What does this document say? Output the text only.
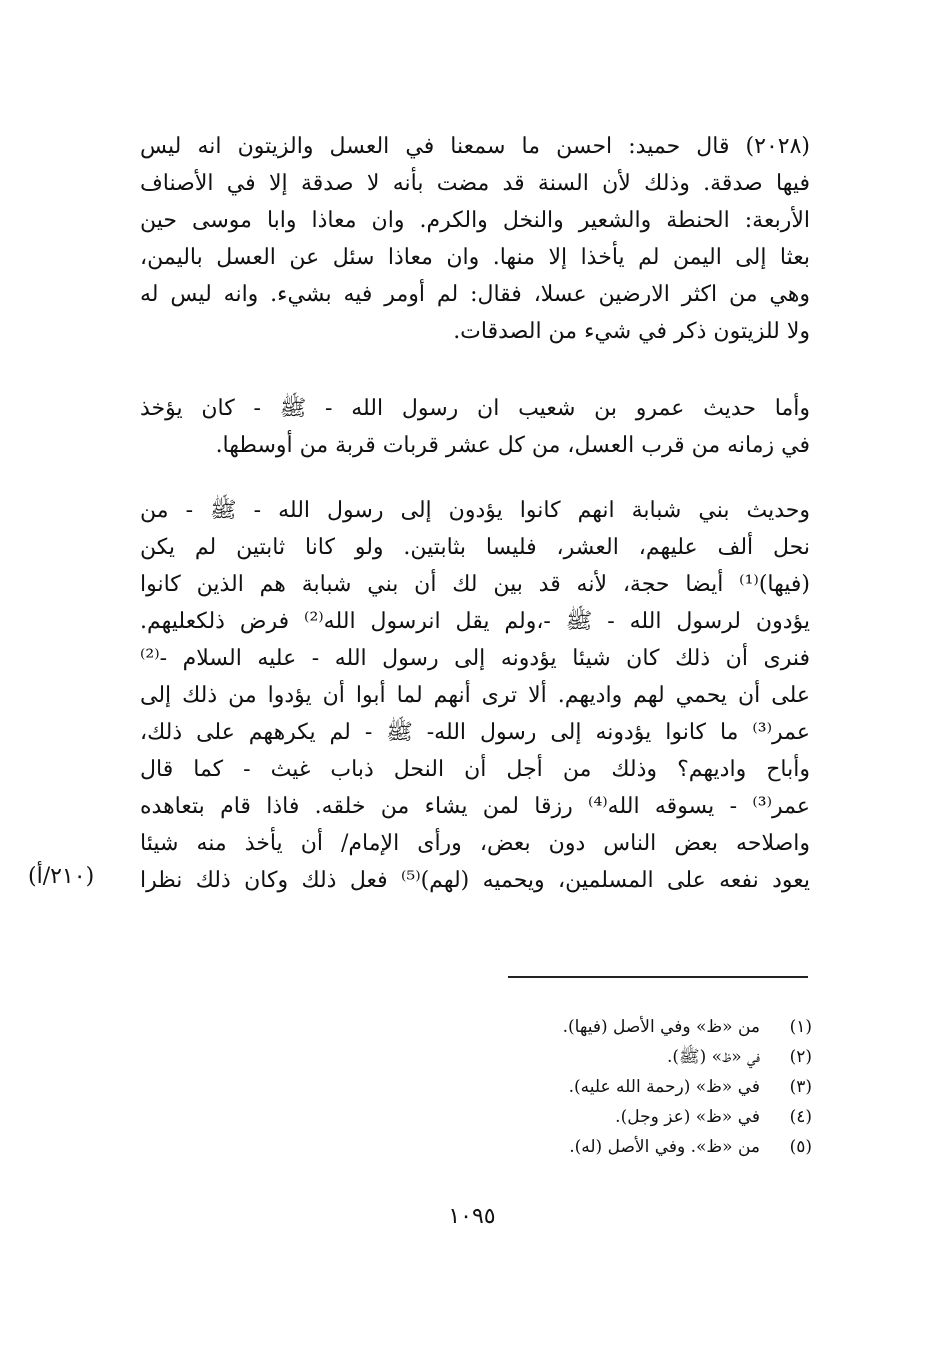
(٢٠٢٨) قال حميد: احسن ما سمعنا في العسل والزيتون انه ليس
فيها صدقة. وذلك لأن السنة قد مضت بأنه لا صدقة إلا في الأصناف
الأربعة: الحنطة والشعير والنخل والكرم. وان معاذا وابا موسى حين
بعثا إلى اليمن لم يأخذا إلا منها. وان معاذا سئل عن العسل باليمن،
وهي من اكثر الارضين عسلا، فقال: لم أومر فيه بشيء. وانه ليس له
ولا للزيتون ذكر في شيء من الصدقات.
وأما حديث عمرو بن شعيب ان رسول الله - ﷺ - كان يؤخذ
في زمانه من قرب العسل، من كل عشر قربات قربة من أوسطها.
وحديث بني شبابة انهم كانوا يؤدون إلى رسول الله - ﷺ - من
نحل ألف عليهم، العشر، فليسا بثابتين. ولو كانا ثابتين لم يكن
(فيها)⁽¹⁾ أيضا حجة، لأنه قد بين لك أن بني شبابة هم الذين كانوا
يؤدون لرسول الله - ﷺ -،ولم يقل انرسول الله⁽²⁾ فرض ذلكعليهم.
فنرى أن ذلك كان شيئا يؤدونه إلى رسول الله - عليه السلام -⁽²⁾
على أن يحمي لهم واديهم. ألا ترى أنهم لما أبوا أن يؤدوا من ذلك إلى
عمر⁽³⁾ ما كانوا يؤدونه إلى رسول الله- ﷺ - لم يكرههم على ذلك،
وأباح واديهم؟ وذلك من أجل أن النحل ذباب غيث - كما قال
عمر⁽³⁾ - يسوقه الله⁽⁴⁾ رزقا لمن يشاء من خلقه. فاذا قام بتعاهده
واصلاحه بعض الناس دون بعض، ورأى الإمام/ أن يأخذ منه شيئا
يعود نفعه على المسلمين، ويحميه (لهم)⁽⁵⁾ فعل ذلك وكان ذلك نظرا
(٢١٠/أ)
(١)
من «ظ» وفي الأصل (فيها).
(٢)
في «ظ» (ﷺ).
(٣)
في «ظ» (رحمة الله عليه).
(٤)
في «ظ» (عز وجل).
(٥)
من «ظ». وفي الأصل (له).
١٠٩٥
